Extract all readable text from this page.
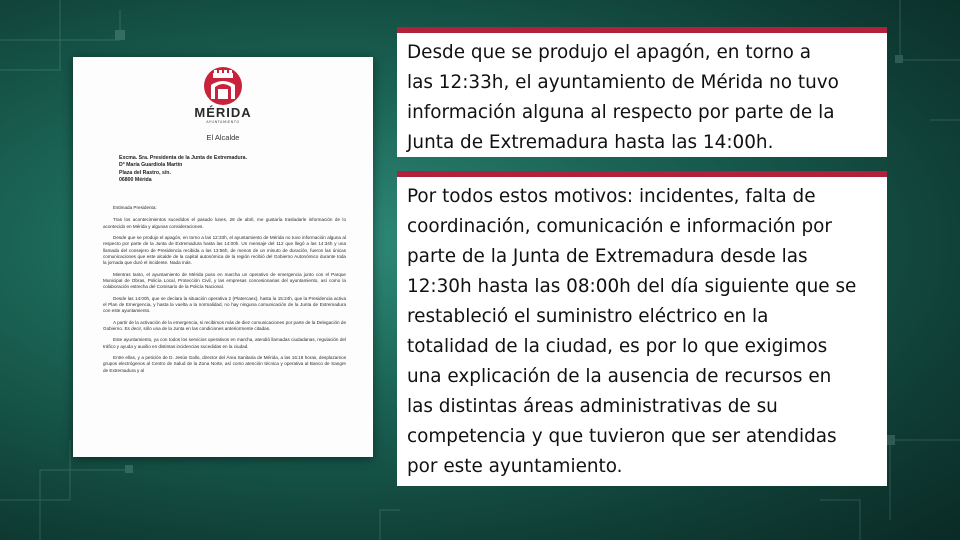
MÉRIDA
AYUNTAMIENTO
El Alcalde
Excma. Sra. Presidenta de la Junta de Extremadura.
Dª María Guardiola Martín
Plaza del Rastro, s/n.
06800 Mérida

Estimada Presidenta:

Tras los acontecimientos sucedidos el pasado lunes, 28 de abril, me gustaría trasladarle información de lo acontecido en Mérida y algunas consideraciones.

Desde que se produjo el apagón, en torno a las 12:33h, el ayuntamiento de Mérida no tuvo información alguna al respecto por parte de la Junta de Extremadura hasta las 14:00h. Un mensaje del 112 que llegó a las 14:34h y una llamada del consejero de Presidencia recibida a las 13:56h, de menos de un minuto de duración, fueron las únicas comunicaciones que este alcalde de la capital autonómica de la región recibió del Gobierno Autonómico durante toda la jornada que duró el incidente. Nada más.

Mientras tanto, el ayuntamiento de Mérida puso en marcha un operativo de emergencia junto con el Parque Municipal de Obras, Policía Local, Protección Civil, y las empresas concesionarias del ayuntamiento, así como la colaboración estrecha del Comisario de la Policía Nacional.

Desde las 14:00h, que se declara la situación operativa 2 (Platercaex), hasta la 15:24h, que la Presidencia activa el Plan de Emergencia, y hasta la vuelta a la normalidad, no hay ninguna comunicación de la Junta de Extremadura con este ayuntamiento.

A partir de la activación de la emergencia, si recibimos más de diez comunicaciones por parte de la Delegación de Gobierno. Es decir, sólo una de la Junta en las condiciones anteriormente citadas.

Este ayuntamiento, ya con todos los servicios operativos en marcha, atendió llamadas ciudadanas, regulación del tráfico y ayuda y auxilio en distintas incidencias sucedidas en la ciudad.

Entre ellas, y a petición de D. Jesús Gallo, director del Área Sanitaria de Mérida, a las 16:18 horas, desplazamos grupos electrógenos al Centro de Salud de la Zona Norte, así como atención técnica y operativa al Banco de Sangre de Extremadura y al

Desde que se produjo el apagón, en torno a
las 12:33h, el ayuntamiento de Mérida no tuvo
información alguna al respecto por parte de la
Junta de Extremadura hasta las 14:00h.
Por todos estos motivos: incidentes, falta de
coordinación, comunicación e información por
parte de la Junta de Extremadura desde las
12:30h hasta las 08:00h del día siguiente que se
restableció el suministro eléctrico en la
totalidad de la ciudad, es por lo que exigimos
una explicación de la ausencia de recursos en
las distintas áreas administrativas de su
competencia y que tuvieron que ser atendidas
por este ayuntamiento.
